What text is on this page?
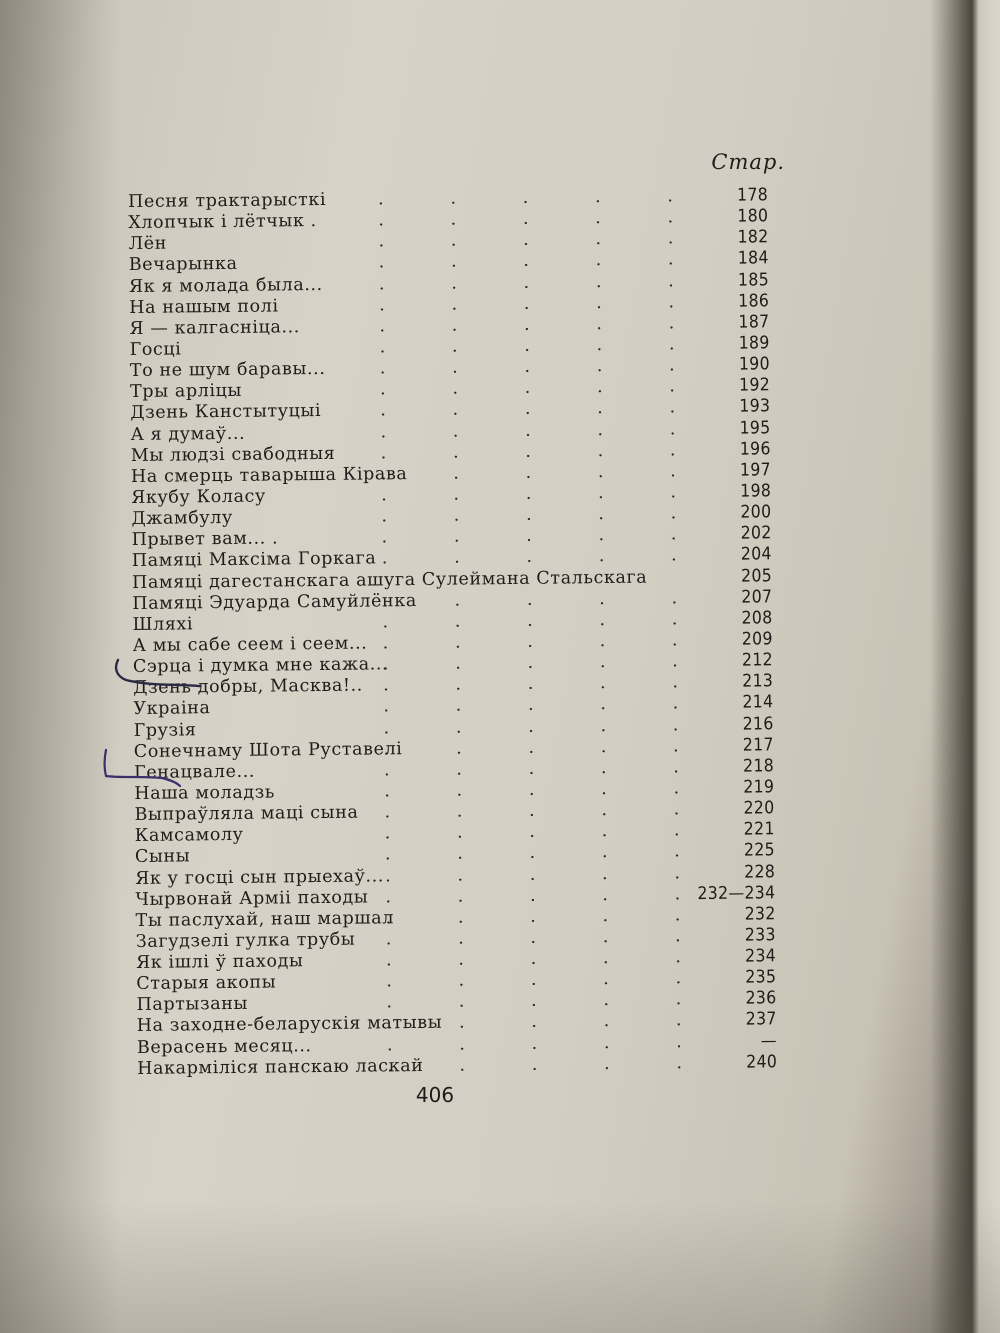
Стар.
Песня трактарысткі .	178
Хлопчык і лётчык . .	180
Лён .	182
Вечарынка .	184
Як я молада была... .	185
На нашым полі .	186
Я — калгасніца... .	187
Госці .	189
То не шум баравы... .	190
Тры арліцы .	192
Дзень Канстытуцыі .	193
А я думаў... .	195
Мы людзі свабодныя .	196
На смерць таварыша Кірава .	197
Якубу Коласу .	198
Джамбулу .	200
Прывет вам... . .	202
Памяці Максіма Горкага .	204
Памяці дагестанскага ашуга Сулеймана Стальскага	205
Памяці Эдуарда Самуйлёнка .	207
Шляхі .	208
А мы сабе сеем і сеем... .	209
Сэрца і думка мне кажа... .	212
Дзень добры, Масква!.. .	213
Украіна .	214
Грузія .	216
Сонечнаму Шота Руставелі .	217
Генацвале... .	218
Наша моладзь .	219
Выпраўляла маці сына .	220
Камсамолу .	221
Сыны .	225
Як у госці сын прыехаў... .	228
Чырвонай Арміі паходы .	232—234
Ты паслухай, наш маршал .	232
Загудзелі гулка трубы .	233
Як ішлі ў паходы .	234
Старыя акопы .	235
Партызаны .	236
На заходне-беларускія матывы .	237
Верасень месяц... .	—
Накарміліся панскаю ласкай .	240
406
